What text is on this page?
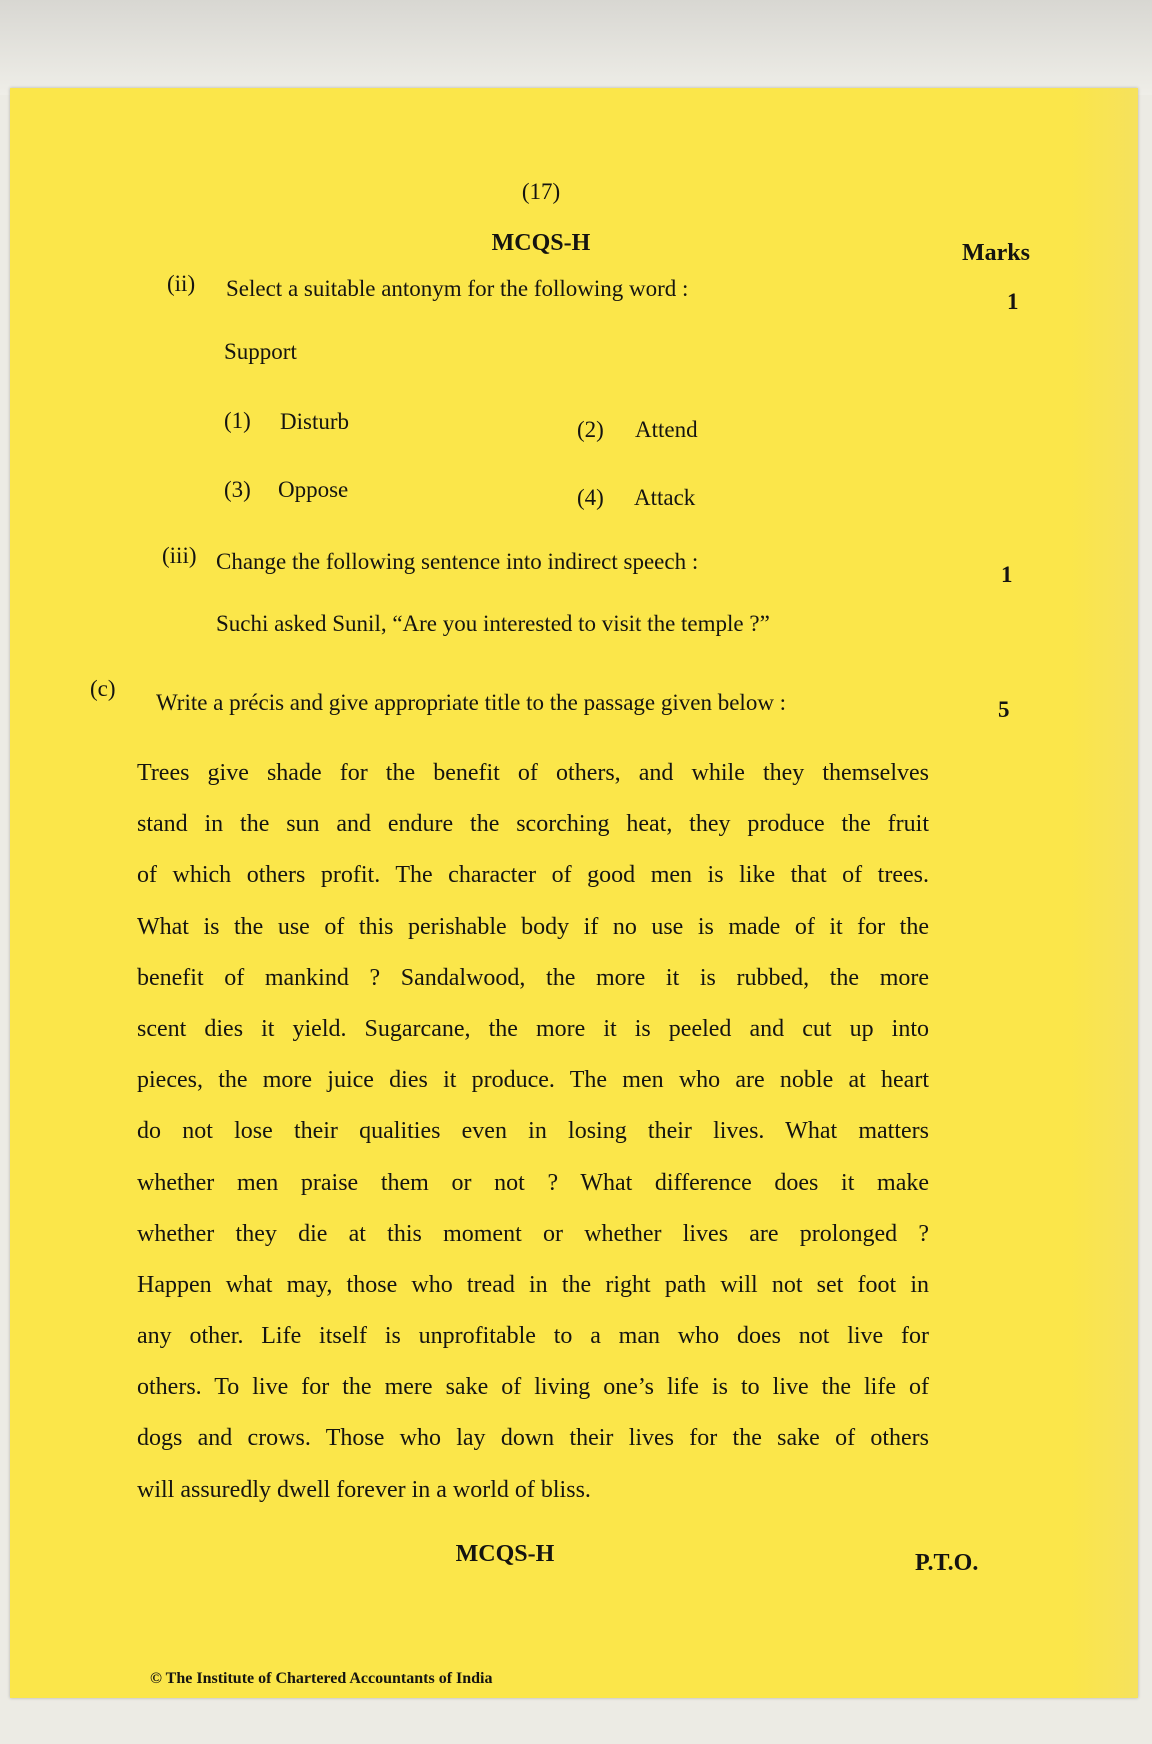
(17)
MCQS-H	Marks
(ii) Select a suitable antonym for the following word :
1
Support
(1) Disturb	(2) Attend
(3) Oppose	(4) Attack
(iii) Change the following sentence into indirect speech :
1
Suchi asked Sunil, “Are you interested to visit the temple ?”
(c)
Write a précis and give appropriate title to the passage given below :	5
Trees give shade for the benefit of others, and while they themselves
stand in the sun and endure the scorching heat, they produce the fruit
of which others profit. The character of good men is like that of trees.
What is the use of this perishable body if no use is made of it for the
benefit of mankind ? Sandalwood, the more it is rubbed, the more
scent dies it yield. Sugarcane, the more it is peeled and cut up into
pieces, the more juice dies it produce. The men who are noble at heart
do not lose their qualities even in losing their lives. What matters
whether men praise them or not ? What difference does it make
whether they die at this moment or whether lives are prolonged ?
Happen what may, those who tread in the right path will not set foot in
any other. Life itself is unprofitable to a man who does not live for
others. To live for the mere sake of living one’s life is to live the life of
dogs and crows. Those who lay down their lives for the sake of others
will assuredly dwell forever in a world of bliss.
MCQS-H	P.T.O.
© The Institute of Chartered Accountants of India
